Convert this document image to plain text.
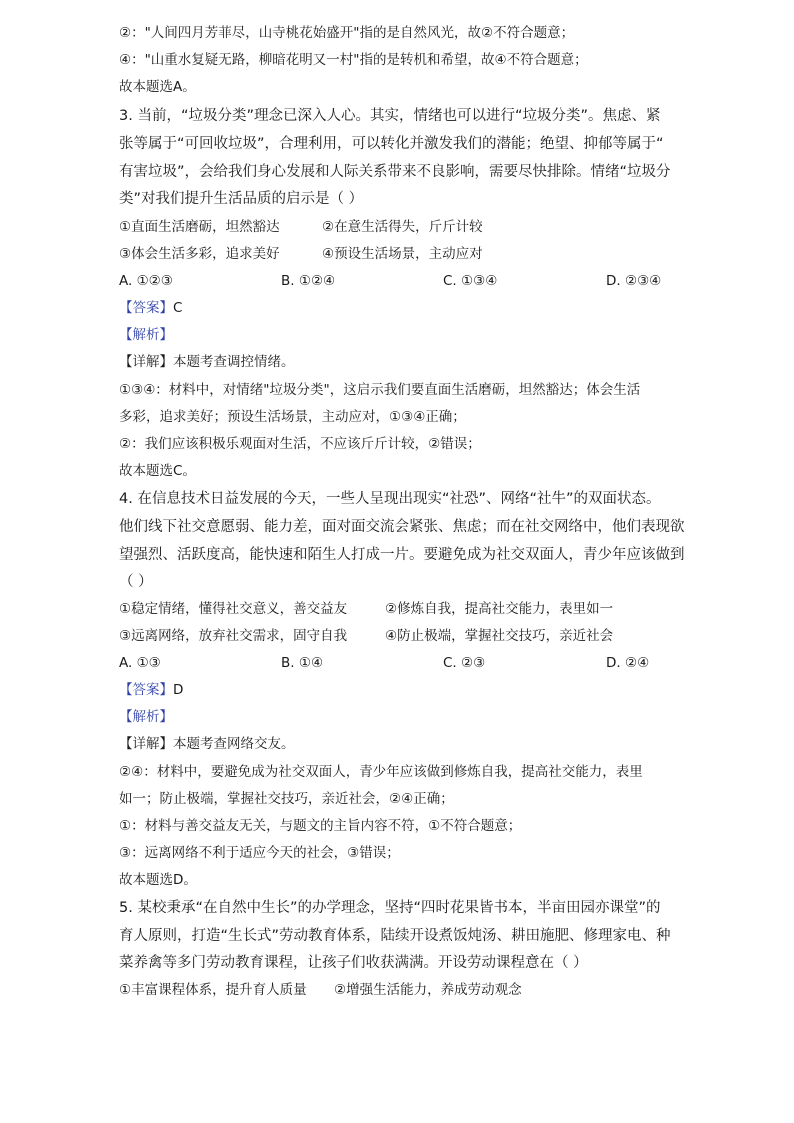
②："人间四月芳菲尽，山寺桃花始盛开"指的是自然风光，故②不符合题意；
④："山重水复疑无路，柳暗花明又一村"指的是转机和希望，故④不符合题意；
故本题选A。
3. 当前，“垃圾分类”理念已深入人心。其实，情绪也可以进行“垃圾分类”。焦虑、紧
张等属于“可回收垃圾”，合理利用，可以转化并激发我们的潜能；绝望、抑郁等属于“
有害垃圾”，会给我们身心发展和人际关系带来不良影响，需要尽快排除。情绪“垃圾分
类”对我们提升生活品质的启示是（ ）
①直面生活磨砺，坦然豁达	②在意生活得失，斤斤计较
③体会生活多彩，追求美好	④预设生活场景，主动应对
A. ①②③	B. ①②④	C. ①③④	D. ②③④
【答案】C
【解析】
【详解】本题考查调控情绪。
①③④：材料中，对情绪"垃圾分类"，这启示我们要直面生活磨砺，坦然豁达；体会生活
多彩，追求美好；预设生活场景，主动应对，①③④正确；
②：我们应该积极乐观面对生活，不应该斤斤计较，②错误；
故本题选C。
4. 在信息技术日益发展的今天，一些人呈现出现实“社恐”、网络“社牛”的双面状态。
他们线下社交意愿弱、能力差，面对面交流会紧张、焦虑；而在社交网络中，他们表现欲
望强烈、活跃度高，能快速和陌生人打成一片。要避免成为社交双面人，青少年应该做到
（ ）
①稳定情绪，懂得社交意义，善交益友	②修炼自我，提高社交能力，表里如一
③远离网络，放弃社交需求，固守自我	④防止极端，掌握社交技巧，亲近社会
A. ①③	B. ①④	C. ②③	D. ②④
【答案】D
【解析】
【详解】本题考查网络交友。
②④：材料中，要避免成为社交双面人，青少年应该做到修炼自我，提高社交能力，表里
如一；防止极端，掌握社交技巧，亲近社会，②④正确；
①：材料与善交益友无关，与题文的主旨内容不符，①不符合题意；
③：远离网络不利于适应今天的社会，③错误；
故本题选D。
5. 某校秉承“在自然中生长”的办学理念，坚持“四时花果皆书本，半亩田园亦课堂”的
育人原则，打造“生长式”劳动教育体系，陆续开设煮饭炖汤、耕田施肥、修理家电、种
菜养禽等多门劳动教育课程，让孩子们收获满满。开设劳动课程意在（ ）
①丰富课程体系，提升育人质量 ②增强生活能力，养成劳动观念
